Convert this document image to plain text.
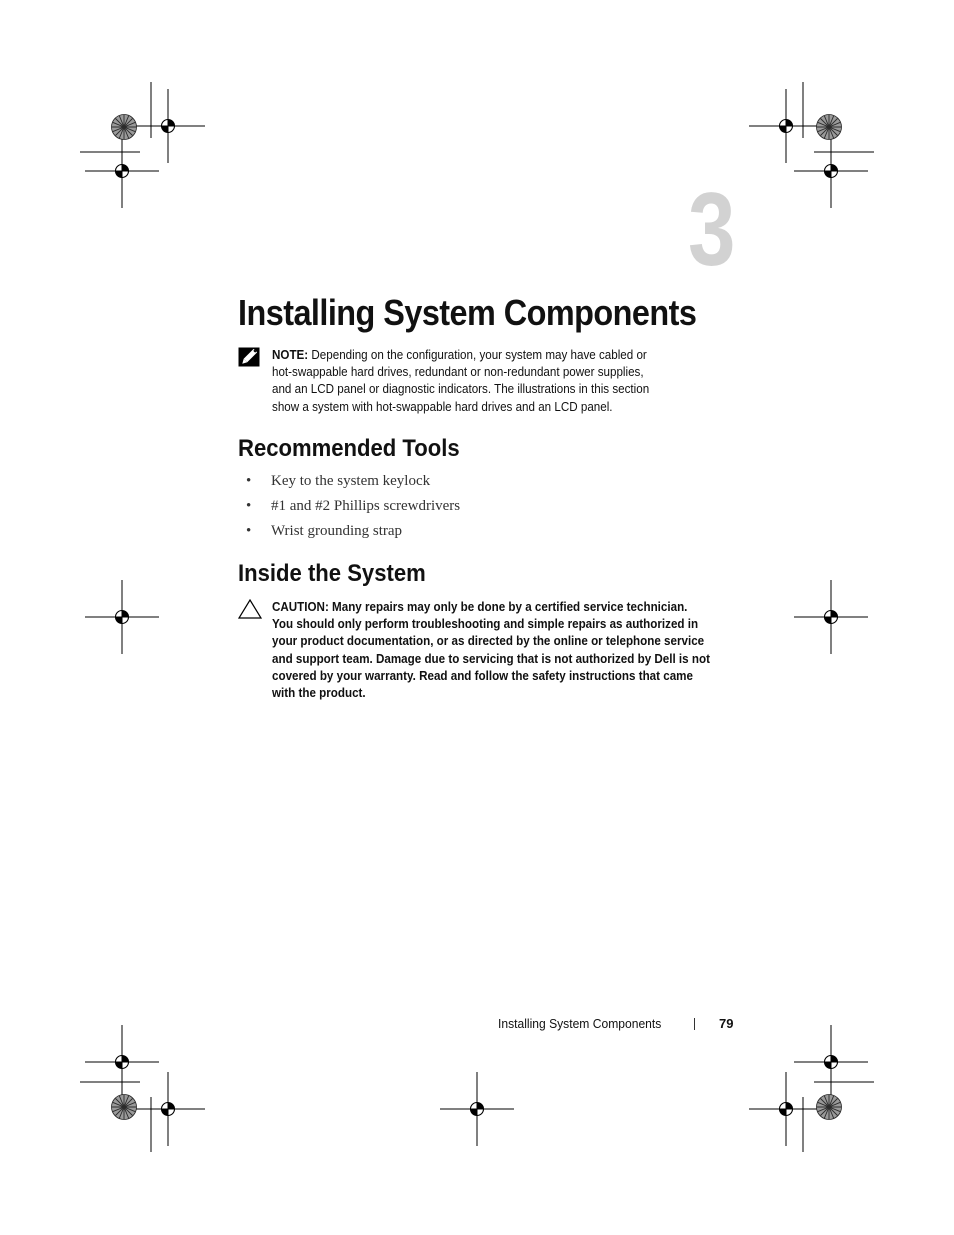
3
Installing System Components
NOTE: Depending on the configuration, your system may have cabled or
hot-swappable hard drives, redundant or non-redundant power supplies,
and an LCD panel or diagnostic indicators. The illustrations in this section
show a system with hot-swappable hard drives and an LCD panel.
Recommended Tools
• Key to the system keylock
• #1 and #2 Phillips screwdrivers
• Wrist grounding strap
Inside the System
CAUTION: Many repairs may only be done by a certified service technician.
You should only perform troubleshooting and simple repairs as authorized in
your product documentation, or as directed by the online or telephone service
and support team. Damage due to servicing that is not authorized by Dell is not
covered by your warranty. Read and follow the safety instructions that came
with the product.
Installing System Components	79
